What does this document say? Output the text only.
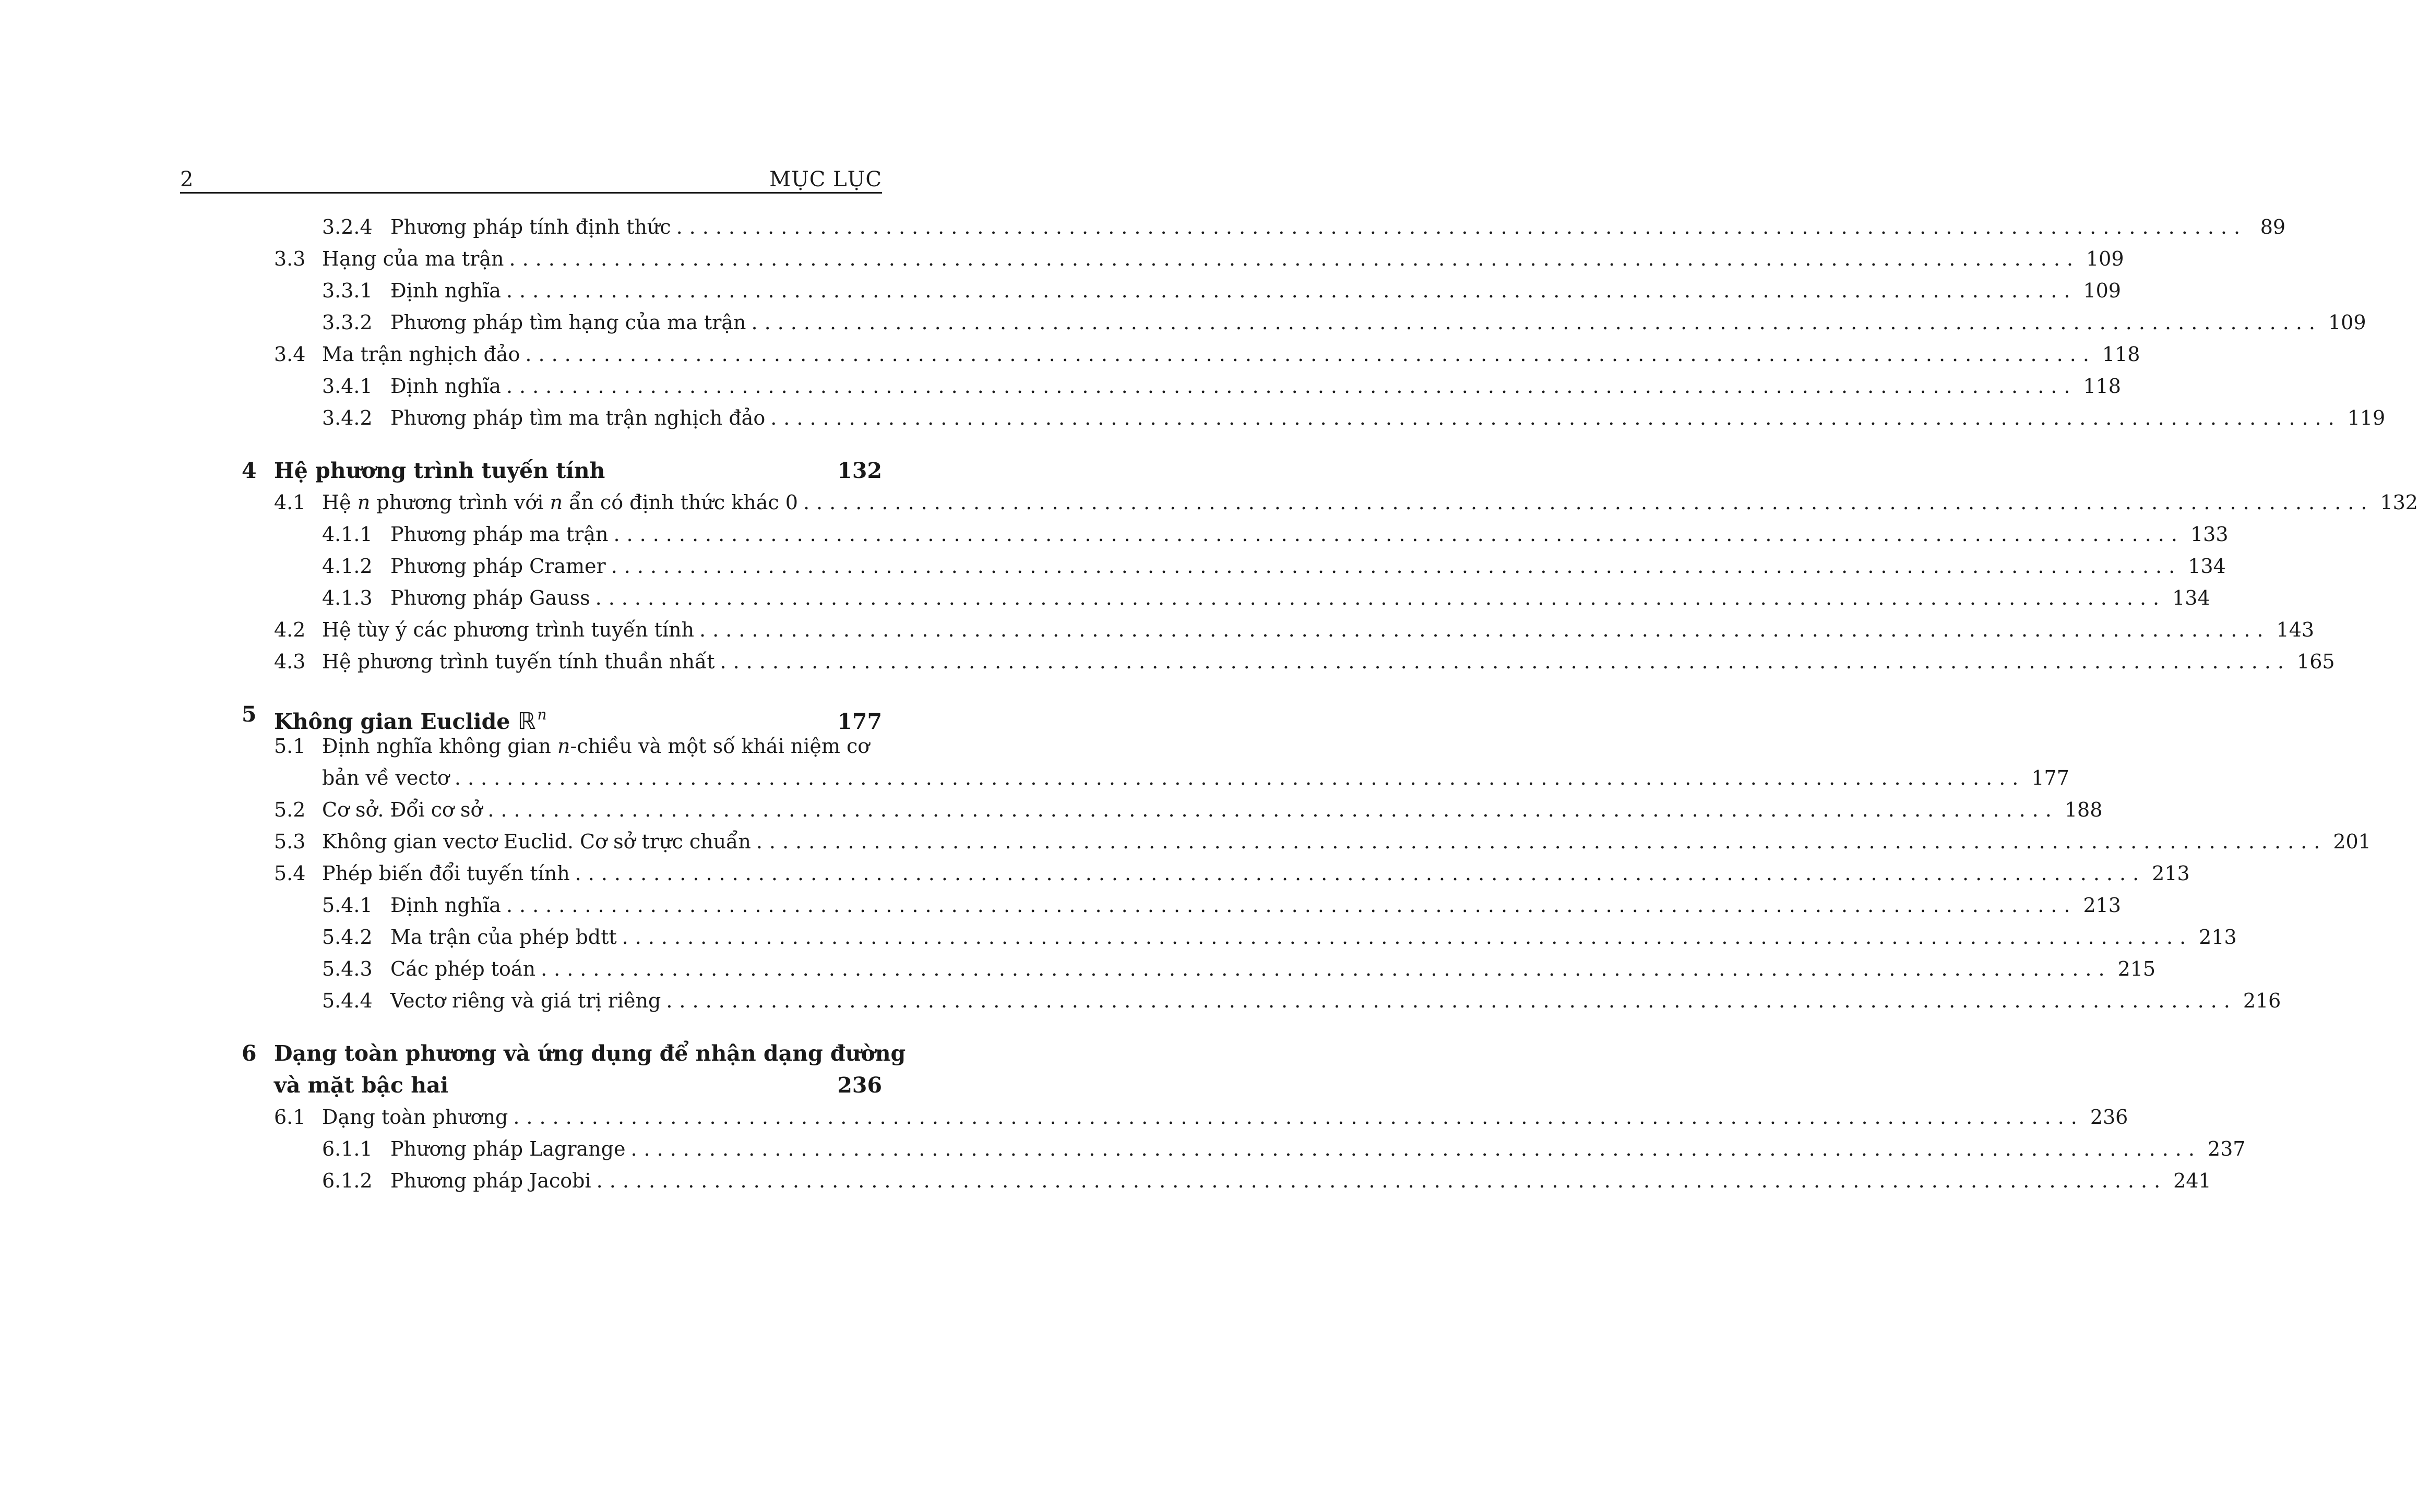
2	MỤC LỤC
3.2.4 Phương pháp tính định thức ........................................................................................................................ 89
3.3 Hạng của ma trận ........................................................................................................................ 109
3.3.1 Định nghĩa ........................................................................................................................ 109
3.3.2 Phương pháp tìm hạng của ma trận ........................................................................................................................ 109
3.4 Ma trận nghịch đảo ........................................................................................................................ 118
3.4.1 Định nghĩa ........................................................................................................................ 118
3.4.2 Phương pháp tìm ma trận nghịch đảo ........................................................................................................................ 119
4 Hệ phương trình tuyến tính	132
4.1 Hệ n phương trình với n ẩn có định thức khác 0 ........................................................................................................................ 132
4.1.1 Phương pháp ma trận ........................................................................................................................ 133
4.1.2 Phương pháp Cramer ........................................................................................................................ 134
4.1.3 Phương pháp Gauss ........................................................................................................................ 134
4.2 Hệ tùy ý các phương trình tuyến tính ........................................................................................................................ 143
4.3 Hệ phương trình tuyến tính thuần nhất ........................................................................................................................ 165
5 Không gian Euclide ℝ $^n$	177
5.1 Định nghĩa không gian n-chiều và một số khái niệm cơ
bản về vectơ ........................................................................................................................ 177
5.2 Cơ sở. Đổi cơ sở ........................................................................................................................ 188
5.3 Không gian vectơ Euclid. Cơ sở trực chuẩn ........................................................................................................................ 201
5.4 Phép biến đổi tuyến tính ........................................................................................................................ 213
5.4.1 Định nghĩa ........................................................................................................................ 213
5.4.2 Ma trận của phép bdtt ........................................................................................................................ 213
5.4.3 Các phép toán ........................................................................................................................ 215
5.4.4 Vectơ riêng và giá trị riêng ........................................................................................................................ 216
6 Dạng toàn phương và ứng dụng để nhận dạng đường
và mặt bậc hai	236
6.1 Dạng toàn phương ........................................................................................................................ 236
6.1.1 Phương pháp Lagrange ........................................................................................................................ 237
6.1.2 Phương pháp Jacobi ........................................................................................................................ 241
